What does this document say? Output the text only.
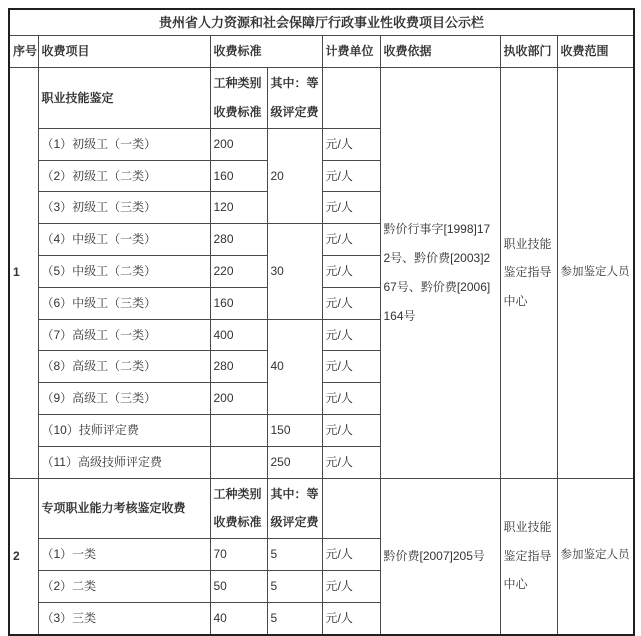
贵州省人力资源和社会保障厅行政事业性收费项目公示栏							
序号	收费项目	收费标准		计费单位	收费依据	执收部门	收费范围
1	职业技能鉴定	工种类别收费标准	其中：等级评定费		黔价行事字[1998]172号、黔价费[2003]267号、黔价费[2006]164号	职业技能鉴定指导中心	参加鉴定人员
	（1）初级工（一类）	200	20	元/人			
	（2）初级工（二类）	160		元/人			
	（3）初级工（三类）	120		元/人			
	（4）中级工（一类）	280	30	元/人			
	（5）中级工（二类）	220		元/人			
	（6）中级工（三类）	160		元/人			
	（7）高级工（一类）	400	40	元/人			
	（8）高级工（二类）	280		元/人			
	（9）高级工（三类）	200		元/人			
	（10）技师评定费		150	元/人			
	（11）高级技师评定费		250	元/人			
2	专项职业能力考核鉴定收费	工种类别收费标准	其中：等级评定费		黔价费[2007]205号	职业技能鉴定指导中心	参加鉴定人员
	（1）一类	70	5	元/人			
	（2）二类	50	5	元/人			
	（3）三类	40	5	元/人			
